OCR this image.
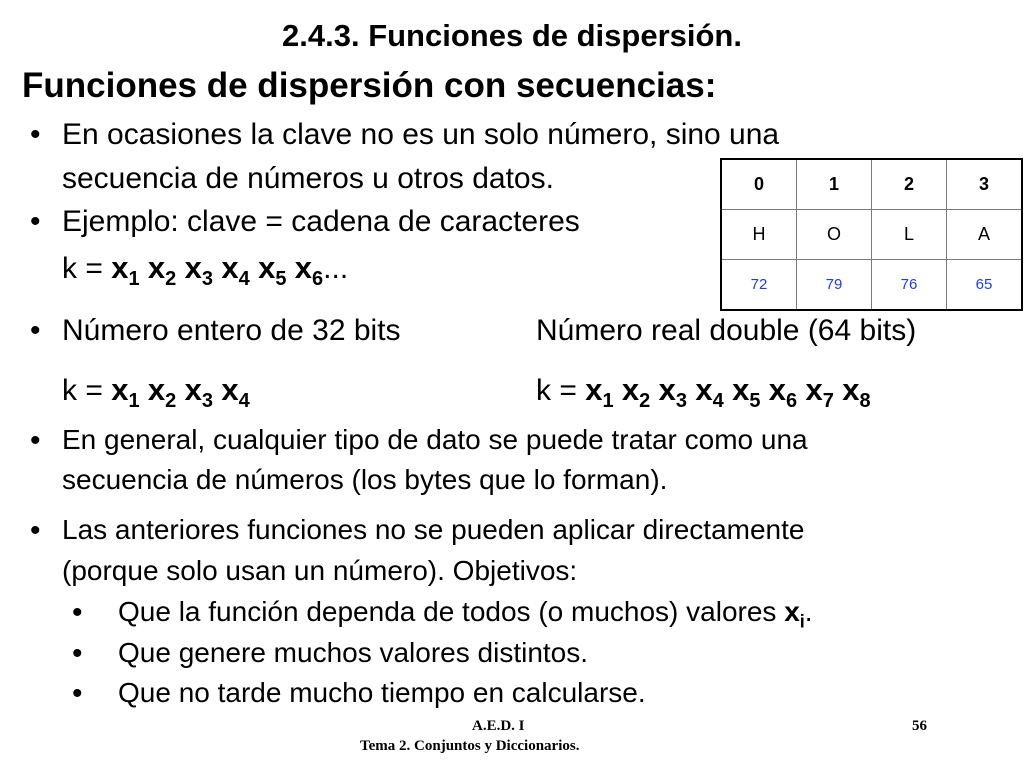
2.4.3. Funciones de dispersión.
Funciones de dispersión con secuencias:
• En ocasiones la clave no es un solo número, sino una
secuencia de números u otros datos.
• Ejemplo: clave = cadena de caracteres
$k = x_1$ $x_2$ $x_3$ $x_4$ $x_5$ $x_6$...
0	1	2	3
H	O	L	A
72	79	76	65
• Número entero de 32 bits	Número real double (64 bits)
$k = x_1$ $x_2$ $x_3$ $x_4$	$k = x_1$ $x_2$ $x_3$ $x_4$ $x_5$ $x_6$ $x_7$ $x_8$
• En general, cualquier tipo de dato se puede tratar como una
secuencia de números (los bytes que lo forman).
• Las anteriores funciones no se pueden aplicar directamente
(porque solo usan un número). Objetivos:
• Que la función dependa de todos (o muchos) valores $x_i$.
• Que genere muchos valores distintos.
• Que no tarde mucho tiempo en calcularse.
A.E.D. I
Tema 2. Conjuntos y Diccionarios.
56
